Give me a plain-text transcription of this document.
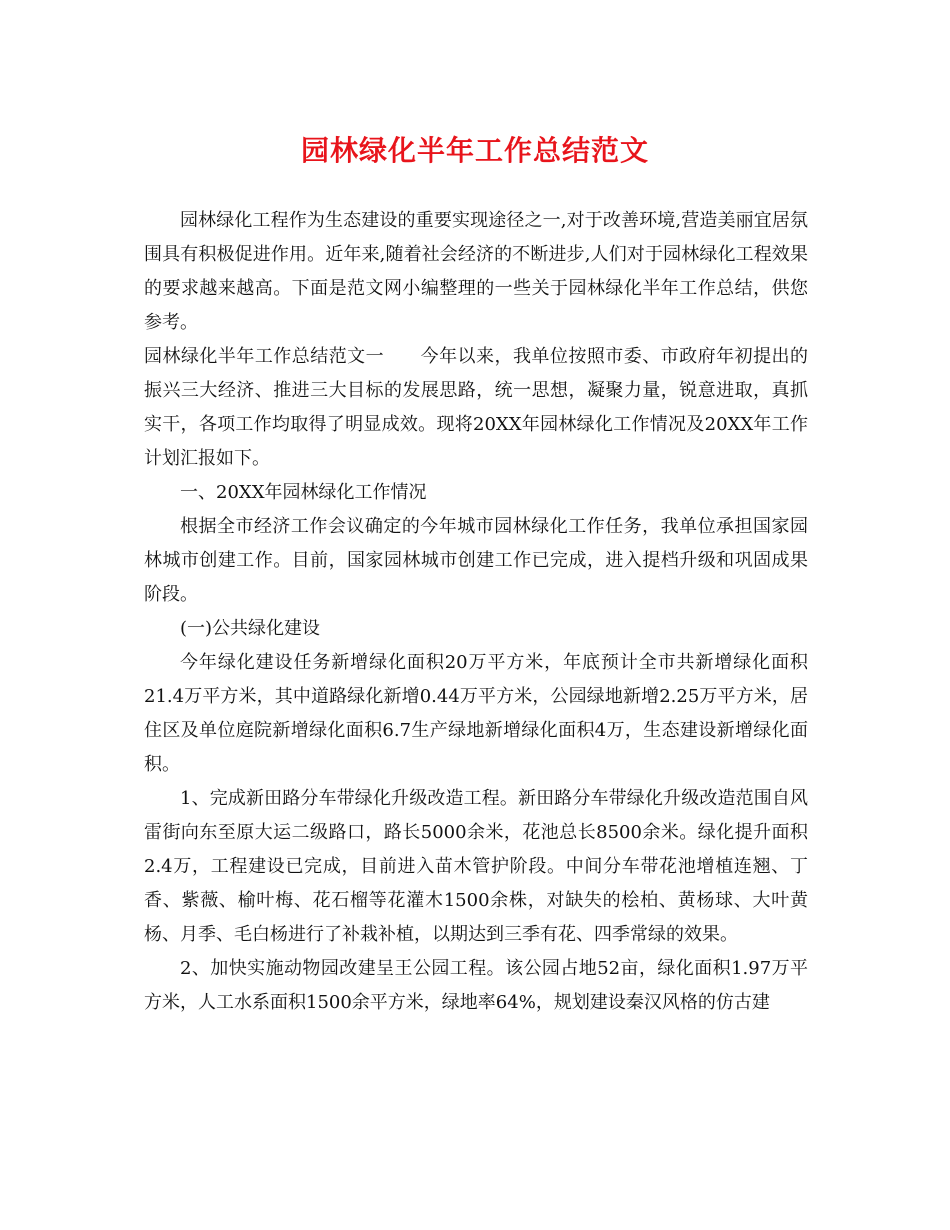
园林绿化半年工作总结范文

园林绿化工程作为生态建设的重要实现途径之一,对于改善环境,营造美丽宜居氛围具有积极促进作用。近年来,随着社会经济的不断进步,人们对于园林绿化工程效果的要求越来越高。下面是范文网小编整理的一些关于园林绿化半年工作总结，供您参考。

园林绿化半年工作总结范文一 今年以来，我单位按照市委、市政府年初提出的振兴三大经济、推进三大目标的发展思路，统一思想，凝聚力量，锐意进取，真抓实干，各项工作均取得了明显成效。现将20XX年园林绿化工作情况及20XX年工作计划汇报如下。

一、20XX年园林绿化工作情况

根据全市经济工作会议确定的今年城市园林绿化工作任务，我单位承担国家园林城市创建工作。目前，国家园林城市创建工作已完成，进入提档升级和巩固成果阶段。

(一)公共绿化建设

今年绿化建设任务新增绿化面积20万平方米，年底预计全市共新增绿化面积21.4万平方米，其中道路绿化新增0.44万平方米，公园绿地新增2.25万平方米，居住区及单位庭院新增绿化面积6.7生产绿地新增绿化面积4万，生态建设新增绿化面积。

1、完成新田路分车带绿化升级改造工程。新田路分车带绿化升级改造范围自风雷街向东至原大运二级路口，路长5000余米，花池总长8500余米。绿化提升面积2.4万，工程建设已完成，目前进入苗木管护阶段。中间分车带花池增植连翘、丁香、紫薇、榆叶梅、花石榴等花灌木1500余株，对缺失的桧柏、黄杨球、大叶黄杨、月季、毛白杨进行了补栽补植，以期达到三季有花、四季常绿的效果。

2、加快实施动物园改建呈王公园工程。该公园占地52亩，绿化面积1.97万平方米，人工水系面积1500余平方米，绿地率64%，规划建设秦汉风格的仿古建
